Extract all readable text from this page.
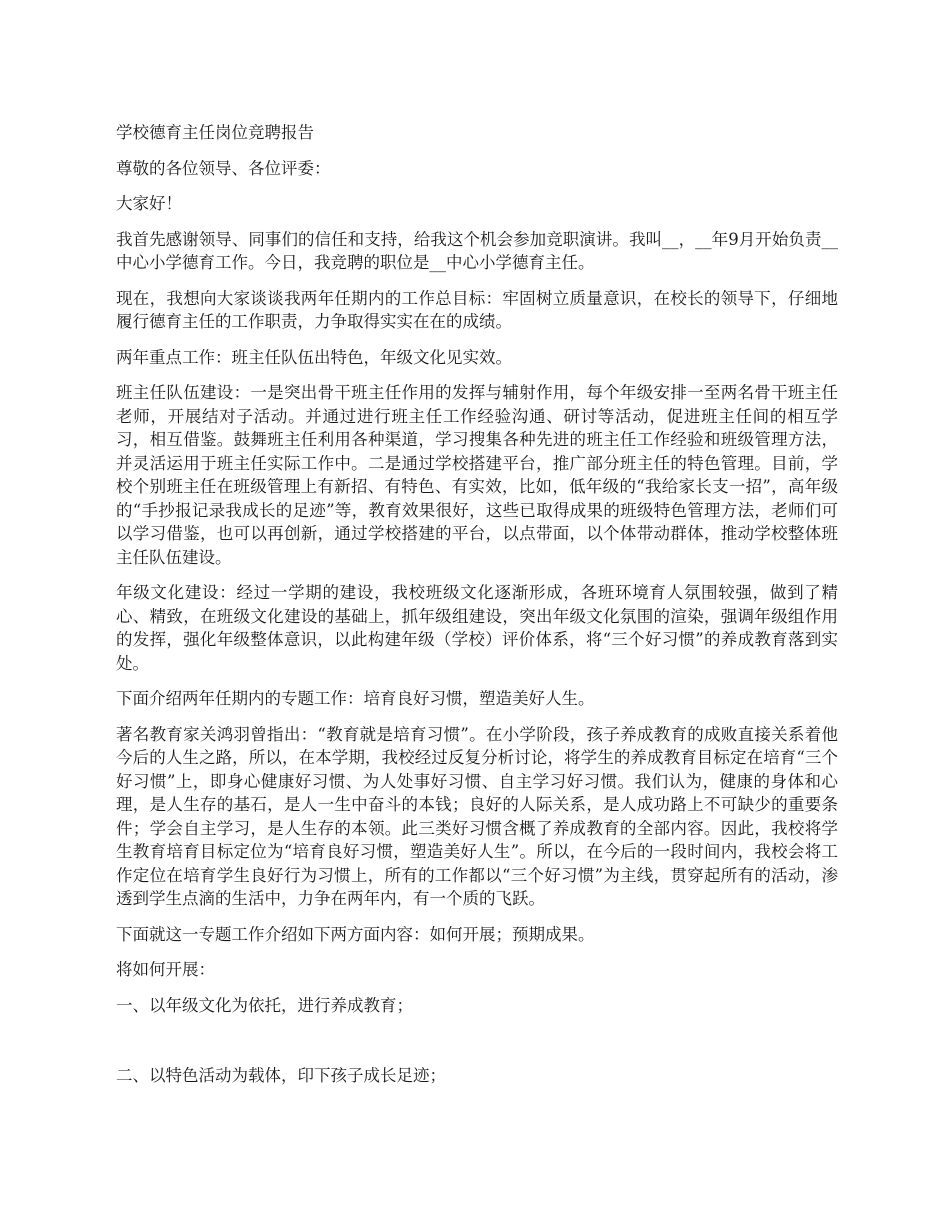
学校德育主任岗位竞聘报告

尊敬的各位领导、各位评委：

大家好！

我首先感谢领导、同事们的信任和支持，给我这个机会参加竞职演讲。我叫__，__年9月开始负责__中心小学德育工作。今日，我竞聘的职位是__中心小学德育主任。

现在，我想向大家谈谈我两年任期内的工作总目标：牢固树立质量意识，在校长的领导下，仔细地履行德育主任的工作职责，力争取得实实在在的成绩。

两年重点工作：班主任队伍出特色，年级文化见实效。

班主任队伍建设：一是突出骨干班主任作用的发挥与辅射作用，每个年级安排一至两名骨干班主任老师，开展结对子活动。并通过进行班主任工作经验沟通、研讨等活动，促进班主任间的相互学习，相互借鉴。鼓舞班主任利用各种渠道，学习搜集各种先进的班主任工作经验和班级管理方法，并灵活运用于班主任实际工作中。二是通过学校搭建平台，推广部分班主任的特色管理。目前，学校个别班主任在班级管理上有新招、有特色、有实效，比如，低年级的“我给家长支一招”，高年级的“手抄报记录我成长的足迹”等，教育效果很好，这些已取得成果的班级特色管理方法，老师们可以学习借鉴，也可以再创新，通过学校搭建的平台，以点带面，以个体带动群体，推动学校整体班主任队伍建设。

年级文化建设：经过一学期的建设，我校班级文化逐渐形成，各班环境育人氛围较强，做到了精心、精致，在班级文化建设的基础上，抓年级组建设，突出年级文化氛围的渲染，强调年级组作用的发挥，强化年级整体意识，以此构建年级（学校）评价体系，将“三个好习惯”的养成教育落到实处。

下面介绍两年任期内的专题工作：培育良好习惯，塑造美好人生。

著名教育家关鸿羽曾指出：“教育就是培育习惯”。在小学阶段，孩子养成教育的成败直接关系着他今后的人生之路，所以，在本学期，我校经过反复分析讨论，将学生的养成教育目标定在培育“三个好习惯”上，即身心健康好习惯、为人处事好习惯、自主学习好习惯。我们认为，健康的身体和心理，是人生存的基石，是人一生中奋斗的本钱；良好的人际关系，是人成功路上不可缺少的重要条件；学会自主学习，是人生存的本领。此三类好习惯含概了养成教育的全部内容。因此，我校将学生教育培育目标定位为“培育良好习惯，塑造美好人生”。所以，在今后的一段时间内，我校会将工作定位在培育学生良好行为习惯上，所有的工作都以“三个好习惯”为主线，贯穿起所有的活动，渗透到学生点滴的生活中，力争在两年内，有一个质的飞跃。

下面就这一专题工作介绍如下两方面内容：如何开展；预期成果。

将如何开展：

一、以年级文化为依托，进行养成教育；

二、以特色活动为载体，印下孩子成长足迹；
